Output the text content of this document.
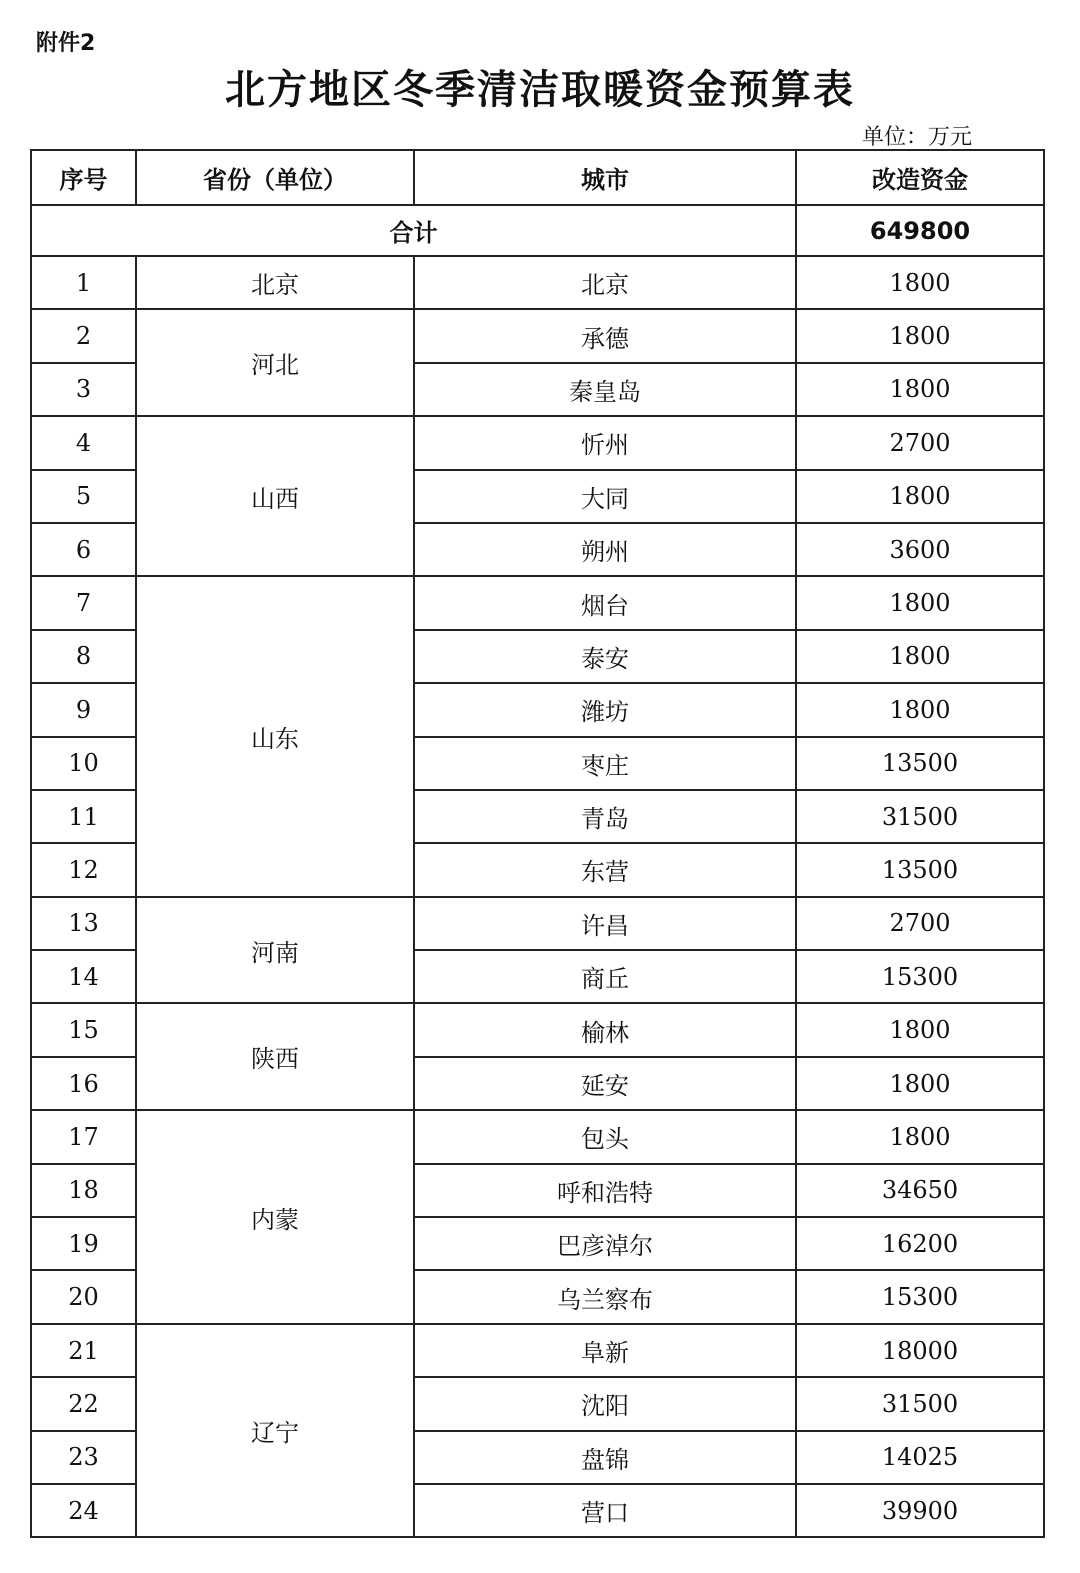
附件2
北方地区冬季清洁取暖资金预算表
单位：万元
序号	省份（单位）	城市	改造资金
合计			649800
1	北京	北京	1800
2	河北	承德	1800
3		秦皇岛	1800
4	山西	忻州	2700
5		大同	1800
6		朔州	3600
7	山东	烟台	1800
8		泰安	1800
9		潍坊	1800
10		枣庄	13500
11		青岛	31500
12		东营	13500
13	河南	许昌	2700
14		商丘	15300
15	陕西	榆林	1800
16		延安	1800
17	内蒙	包头	1800
18		呼和浩特	34650
19		巴彦淖尔	16200
20		乌兰察布	15300
21	辽宁	阜新	18000
22		沈阳	31500
23		盘锦	14025
24		营口	39900
